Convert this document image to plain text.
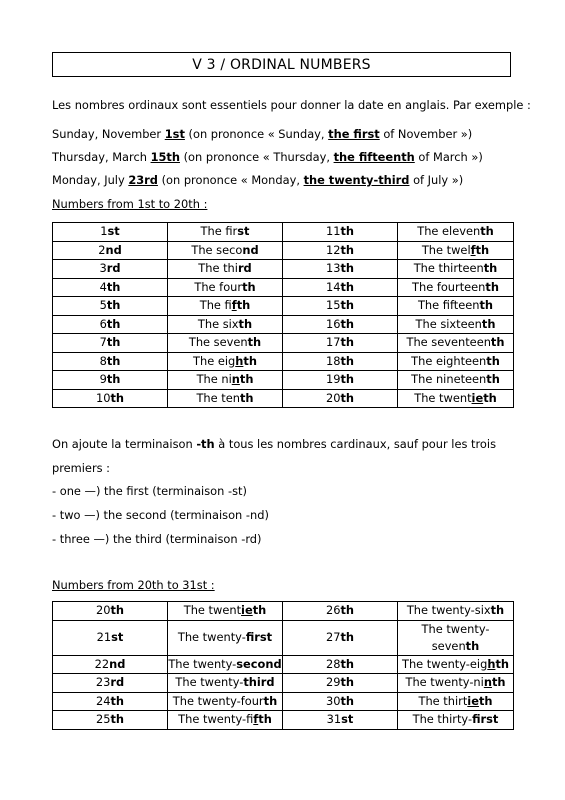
V 3 / ORDINAL NUMBERS
Les nombres ordinaux sont essentiels pour donner la date en anglais. Par exemple :
Sunday, November 1st (on prononce « Sunday, the first of November »)
Thursday, March 15th (on prononce « Thursday, the fifteenth of March »)
Monday, July 23rd (on prononce « Monday, the twenty-third of July »)
Numbers from 1st to 20th :
1st	The first	11th	The eleventh
2nd	The second	12th	The twelfth
3rd	The third	13th	The thirteenth
4th	The fourth	14th	The fourteenth
5th	The fifth	15th	The fifteenth
6th	The sixth	16th	The sixteenth
7th	The seventh	17th	The seventeenth
8th	The eighth	18th	The eighteenth
9th	The ninth	19th	The nineteenth
10th	The tenth	20th	The twentieth
On ajoute la terminaison -th à tous les nombres cardinaux, sauf pour les trois
premiers :
- one —) the first (terminaison -st)
- two —) the second (terminaison -nd)
- three —) the third (terminaison -rd)
Numbers from 20th to 31st :
20th	The twentieth	26th	The twenty-sixth
21st	The twenty-first	27th	The twenty-seventh
22nd	The twenty-second	28th	The twenty-eighth
23rd	The twenty-third	29th	The twenty-ninth
24th	The twenty-fourth	30th	The thirtieth
25th	The twenty-fifth	31st	The thirty-first
